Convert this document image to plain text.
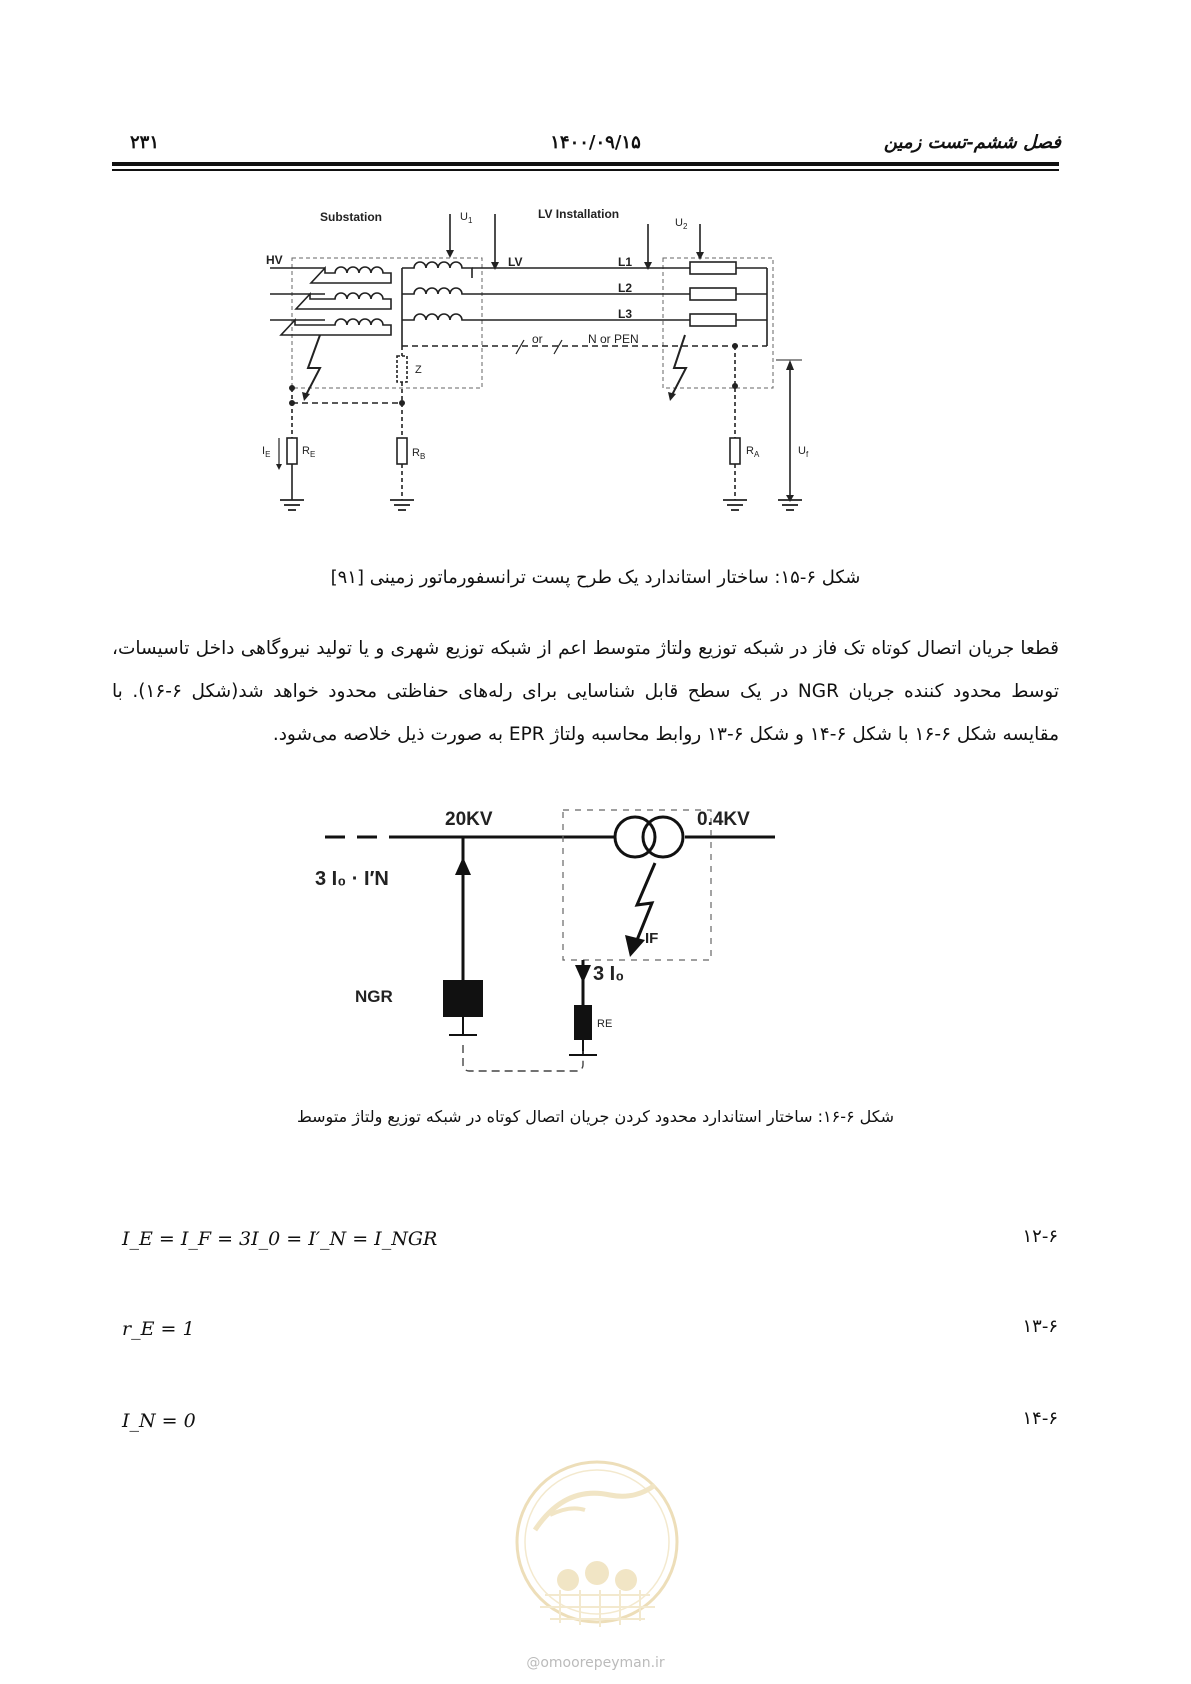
فصل ششم-تست زمین
۱۴۰۰/۰۹/۱۵
۲۳۱
Substation	LV Installation
HV	LV	L1
L2
L3
or	N or PEN
$U_1$	$U_2$
Z
$I_E$	$R_E$	$R_B$	$R_A$	$U_f$
شکل ۶-۱۵: ساختار استاندارد یک طرح پست ترانسفورماتور زمینی [۹۱]
قطعا جریان اتصال کوتاه تک فاز در شبکه توزیع ولتاژ متوسط اعم از شبکه توزیع شهری و یا تولید نیروگاهی داخل تاسیسات، توسط محدود کننده جریان NGR در یک سطح قابل شناسایی برای رله‌های حفاظتی محدود خواهد شد(شکل ۶-۱۶). با مقایسه شکل ۶-۱۶ با شکل ۶-۱۴ و شکل ۶-۱۳ روابط محاسبه ولتاژ EPR به صورت ذیل خلاصه می‌شود.
20KV	0.4KV
3 I₀ · I′N
NGR
IF
3 I₀
RE
شکل ۶-۱۶: ساختار استاندارد محدود کردن جریان اتصال کوتاه در شبکه توزیع ولتاژ متوسط
I_E = I_F = 3I_0 = I′_N = I_NGR	۱۲-۶
r_E = 1	۱۳-۶
I_N = 0	۱۴-۶
@omoorepeyman.ir
